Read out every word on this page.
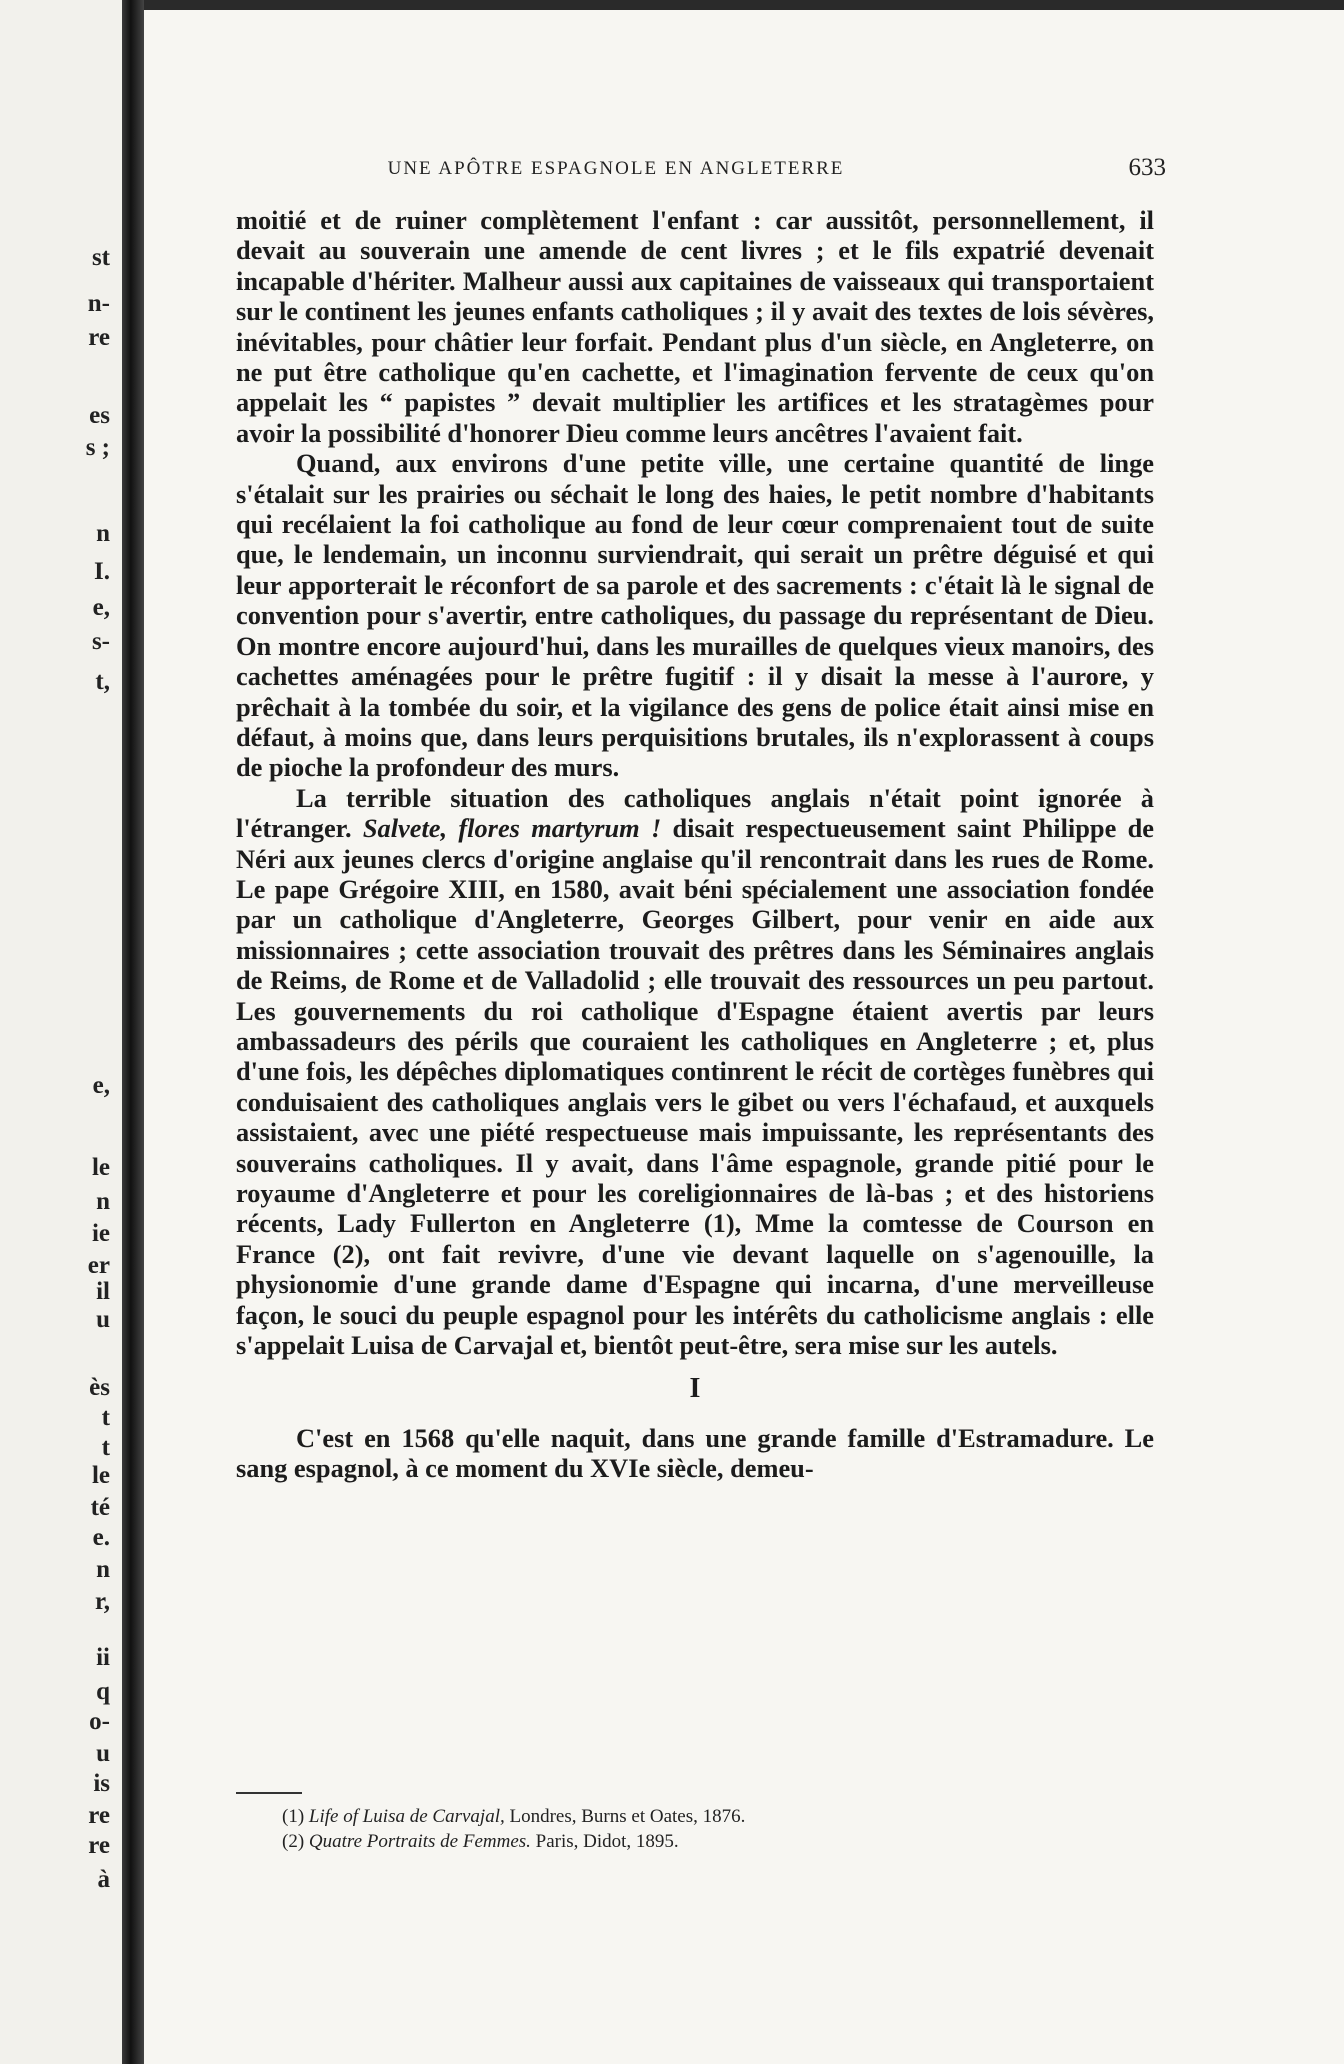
st
n-
re
es
s ;
n
I.
e,
s-
t,
e,
le
n
ie
er
il
u
ès
t
t
le
té
e.
n
r,
ii
q
o-
u
is
re
re
à
UNE APÔTRE ESPAGNOLE EN ANGLETERRE	633

moitié et de ruiner complètement l'enfant : car aussitôt, personnellement, il devait au souverain une amende de cent livres ; et le fils expatrié devenait incapable d'hériter. Malheur aussi aux capitaines de vaisseaux qui transportaient sur le continent les jeunes enfants catholiques ; il y avait des textes de lois sévères, inévitables, pour châtier leur forfait. Pendant plus d'un siècle, en Angleterre, on ne put être catholique qu'en cachette, et l'imagination fervente de ceux qu'on appelait les “ papistes ” devait multiplier les artifices et les stratagèmes pour avoir la possibilité d'honorer Dieu comme leurs ancêtres l'avaient fait.

Quand, aux environs d'une petite ville, une certaine quantité de linge s'étalait sur les prairies ou séchait le long des haies, le petit nombre d'habitants qui recélaient la foi catholique au fond de leur cœur comprenaient tout de suite que, le lendemain, un inconnu surviendrait, qui serait un prêtre déguisé et qui leur apporterait le réconfort de sa parole et des sacrements : c'était là le signal de convention pour s'avertir, entre catholiques, du passage du représentant de Dieu. On montre encore aujourd'hui, dans les murailles de quelques vieux manoirs, des cachettes aménagées pour le prêtre fugitif : il y disait la messe à l'aurore, y prêchait à la tombée du soir, et la vigilance des gens de police était ainsi mise en défaut, à moins que, dans leurs perquisitions brutales, ils n'explorassent à coups de pioche la profondeur des murs.

La terrible situation des catholiques anglais n'était point ignorée à l'étranger. Salvete, flores martyrum ! disait respectueusement saint Philippe de Néri aux jeunes clercs d'origine anglaise qu'il rencontrait dans les rues de Rome. Le pape Grégoire XIII, en 1580, avait béni spécialement une association fondée par un catholique d'Angleterre, Georges Gilbert, pour venir en aide aux missionnaires ; cette association trouvait des prêtres dans les Séminaires anglais de Reims, de Rome et de Valladolid ; elle trouvait des ressources un peu partout. Les gouvernements du roi catholique d'Espagne étaient avertis par leurs ambassadeurs des périls que couraient les catholiques en Angleterre ; et, plus d'une fois, les dépêches diplomatiques continrent le récit de cortèges funèbres qui conduisaient des catholiques anglais vers le gibet ou vers l'échafaud, et auxquels assistaient, avec une piété respectueuse mais impuissante, les représentants des souverains catholiques. Il y avait, dans l'âme espagnole, grande pitié pour le royaume d'Angleterre et pour les coreligionnaires de là-bas ; et des historiens récents, Lady Fullerton en Angleterre (1), Mme la comtesse de Courson en France (2), ont fait revivre, d'une vie devant laquelle on s'agenouille, la physionomie d'une grande dame d'Espagne qui incarna, d'une merveilleuse façon, le souci du peuple espagnol pour les intérêts du catholicisme anglais : elle s'appelait Luisa de Carvajal et, bientôt peut-être, sera mise sur les autels.

I

C'est en 1568 qu'elle naquit, dans une grande famille d'Estramadure. Le sang espagnol, à ce moment du XVIe siècle, demeu-

(1) Life of Luisa de Carvajal, Londres, Burns et Oates, 1876.
(2) Quatre Portraits de Femmes. Paris, Didot, 1895.
